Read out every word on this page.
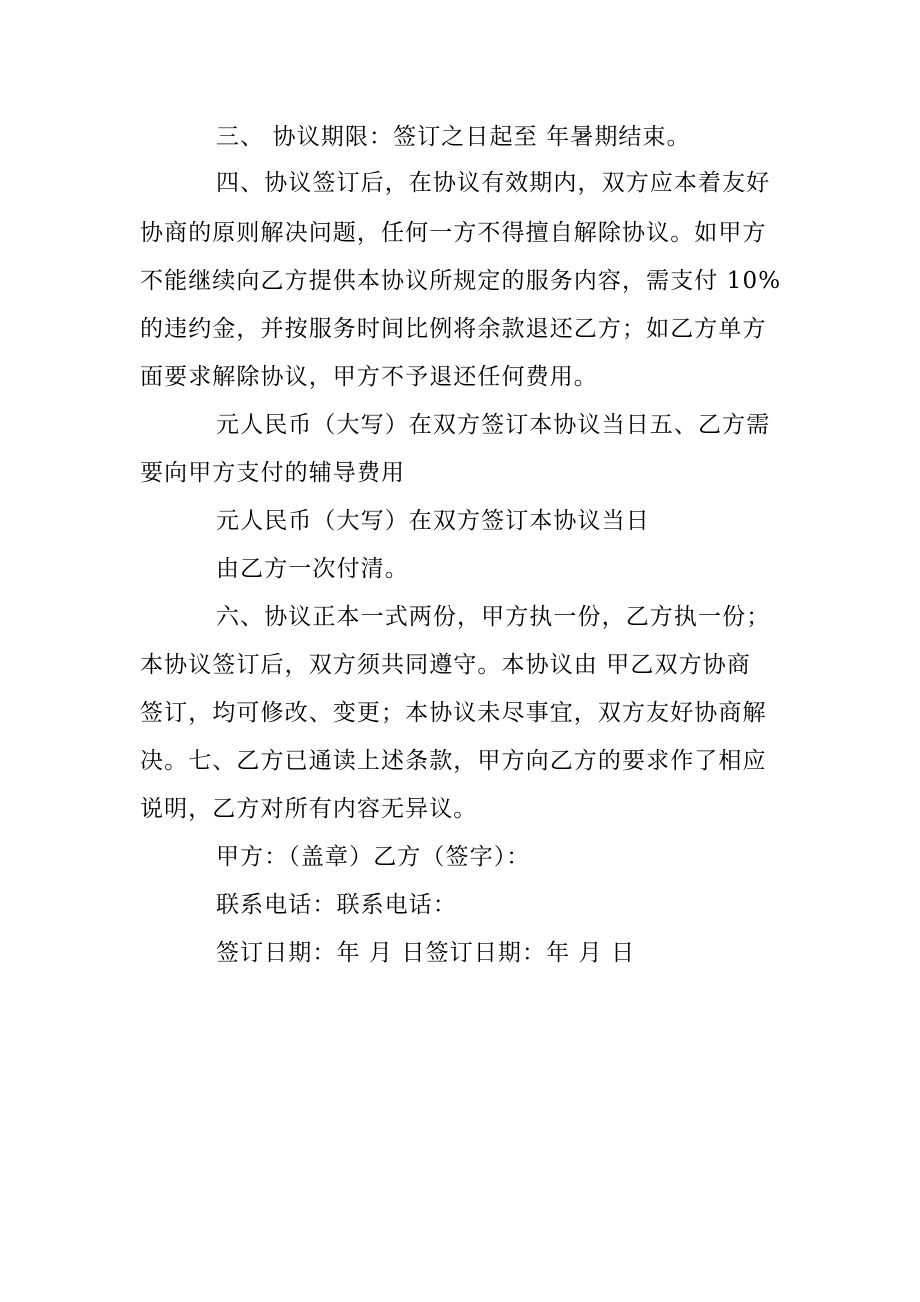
三、 协议期限：签订之日起至 年暑期结束。
四、协议签订后，在协议有效期内，双方应本着友好
协商的原则解决问题，任何一方不得擅自解除协议。如甲方
不能继续向乙方提供本协议所规定的服务内容，需支付 10%
的违约金，并按服务时间比例将余款退还乙方；如乙方单方
面要求解除协议，甲方不予退还任何费用。
元人民币（大写）在双方签订本协议当日五、乙方需
要向甲方支付的辅导费用
元人民币（大写）在双方签订本协议当日
由乙方一次付清。
六、协议正本一式两份，甲方执一份，乙方执一份；
本协议签订后，双方须共同遵守。本协议由 甲乙双方协商
签订，均可修改、变更；本协议未尽事宜，双方友好协商解
决。七、乙方已通读上述条款，甲方向乙方的要求作了相应
说明，乙方对所有内容无异议。
甲方：（盖章）乙方（签字）：
联系电话：联系电话：
签订日期：年 月 日签订日期：年 月 日
